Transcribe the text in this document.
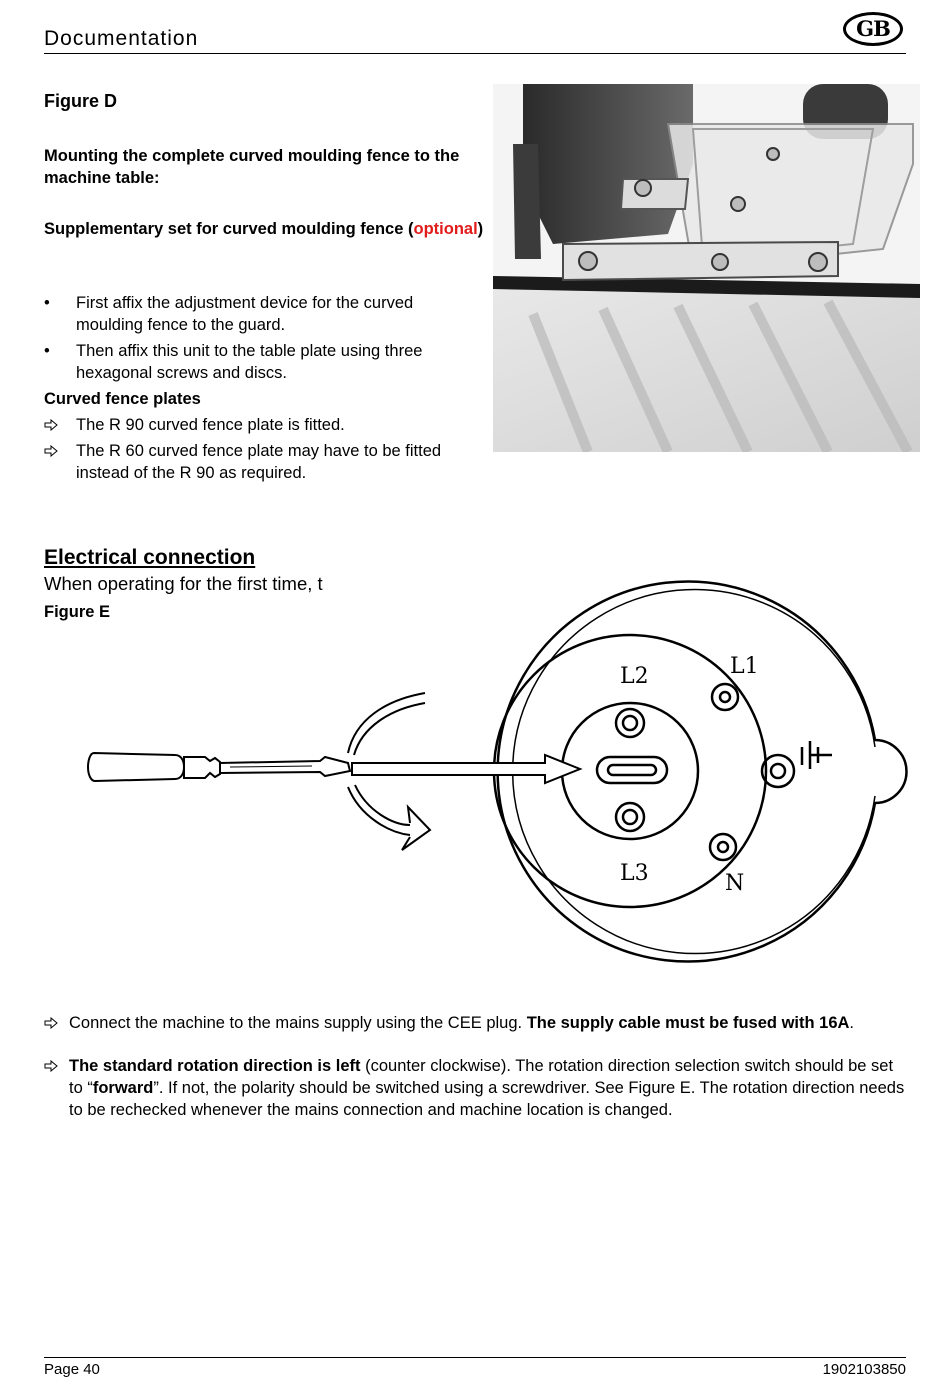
Documentation	GB
Figure D
Mounting the complete curved moulding fence to the machine table:
Supplementary set for curved moulding fence (optional)
•	First affix the adjustment device for the curved moulding fence to the guard.
•	Then affix this unit to the table plate using three hexagonal screws and discs.
Curved fence plates
The R 90 curved fence plate is fitted.
The R 60 curved fence plate may have to be fitted instead of the R 90 as required.
Electrical connection
When operating for the first time, t
Figure E
L2	L1
L3	N
Connect the machine to the mains supply using the CEE plug. The supply cable must be fused with 16A.
The standard rotation direction is left (counter clockwise). The rotation direction selection switch should be set to “forward”. If not, the polarity should be switched using a screwdriver. See Figure E. The rotation direction needs to be rechecked whenever the mains connection and machine location is changed.
Page 40	1902103850
